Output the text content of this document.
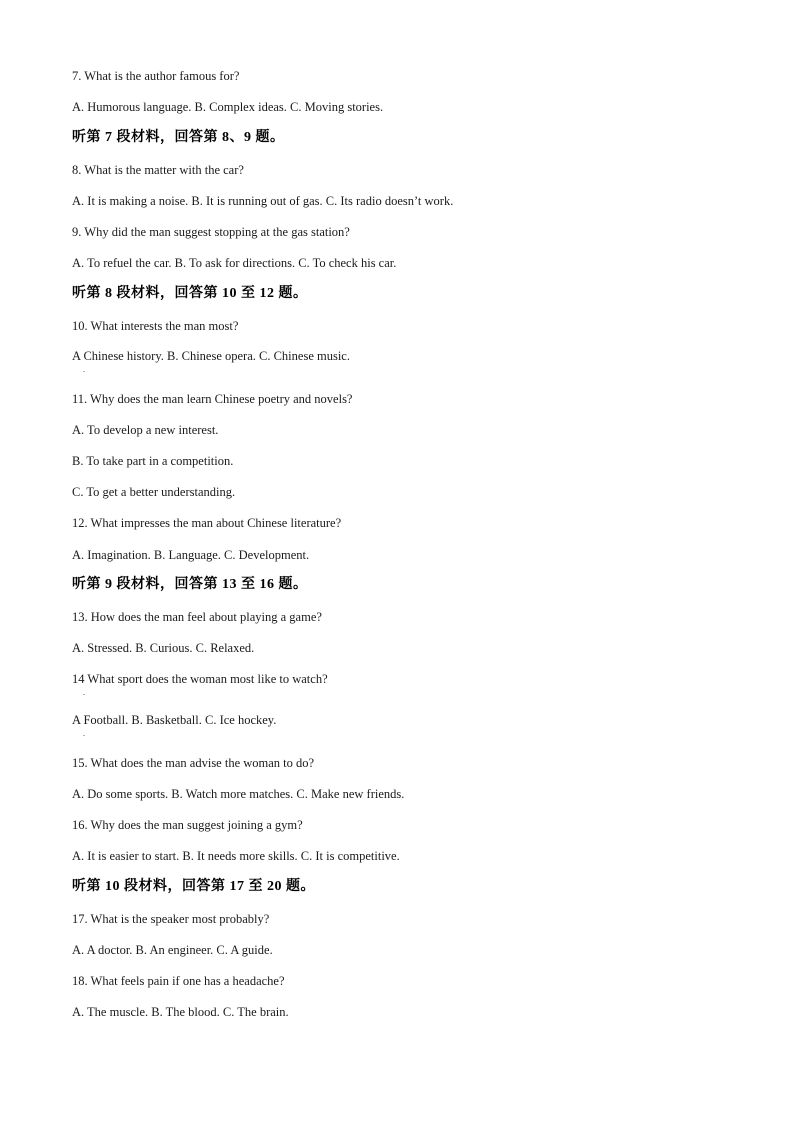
7. What is the author famous for?

A. Humorous language. B. Complex ideas. C. Moving stories.

听第 7 段材料，回答第 8、9 题。

8. What is the matter with the car?

A. It is making a noise. B. It is running out of gas. C. Its radio doesn’t work.

9. Why did the man suggest stopping at the gas station?

A. To refuel the car. B. To ask for directions. C. To check his car.

听第 8 段材料，回答第 10 至 12 题。

10. What interests the man most?

A Chinese history. B. Chinese opera. C. Chinese music.

.

11. Why does the man learn Chinese poetry and novels?

A. To develop a new interest.

B. To take part in a competition.

C. To get a better understanding.

12. What impresses the man about Chinese literature?

A. Imagination. B. Language. C. Development.

听第 9 段材料，回答第 13 至 16 题。

13. How does the man feel about playing a game?

A. Stressed. B. Curious. C. Relaxed.

14 What sport does the woman most like to watch?

.

A Football. B. Basketball. C. Ice hockey.

.

15. What does the man advise the woman to do?

A. Do some sports. B. Watch more matches. C. Make new friends.

16. Why does the man suggest joining a gym?

A. It is easier to start. B. It needs more skills. C. It is competitive.

听第 10 段材料，回答第 17 至 20 题。

17. What is the speaker most probably?

A. A doctor. B. An engineer. C. A guide.

18. What feels pain if one has a headache?

A. The muscle. B. The blood. C. The brain.
